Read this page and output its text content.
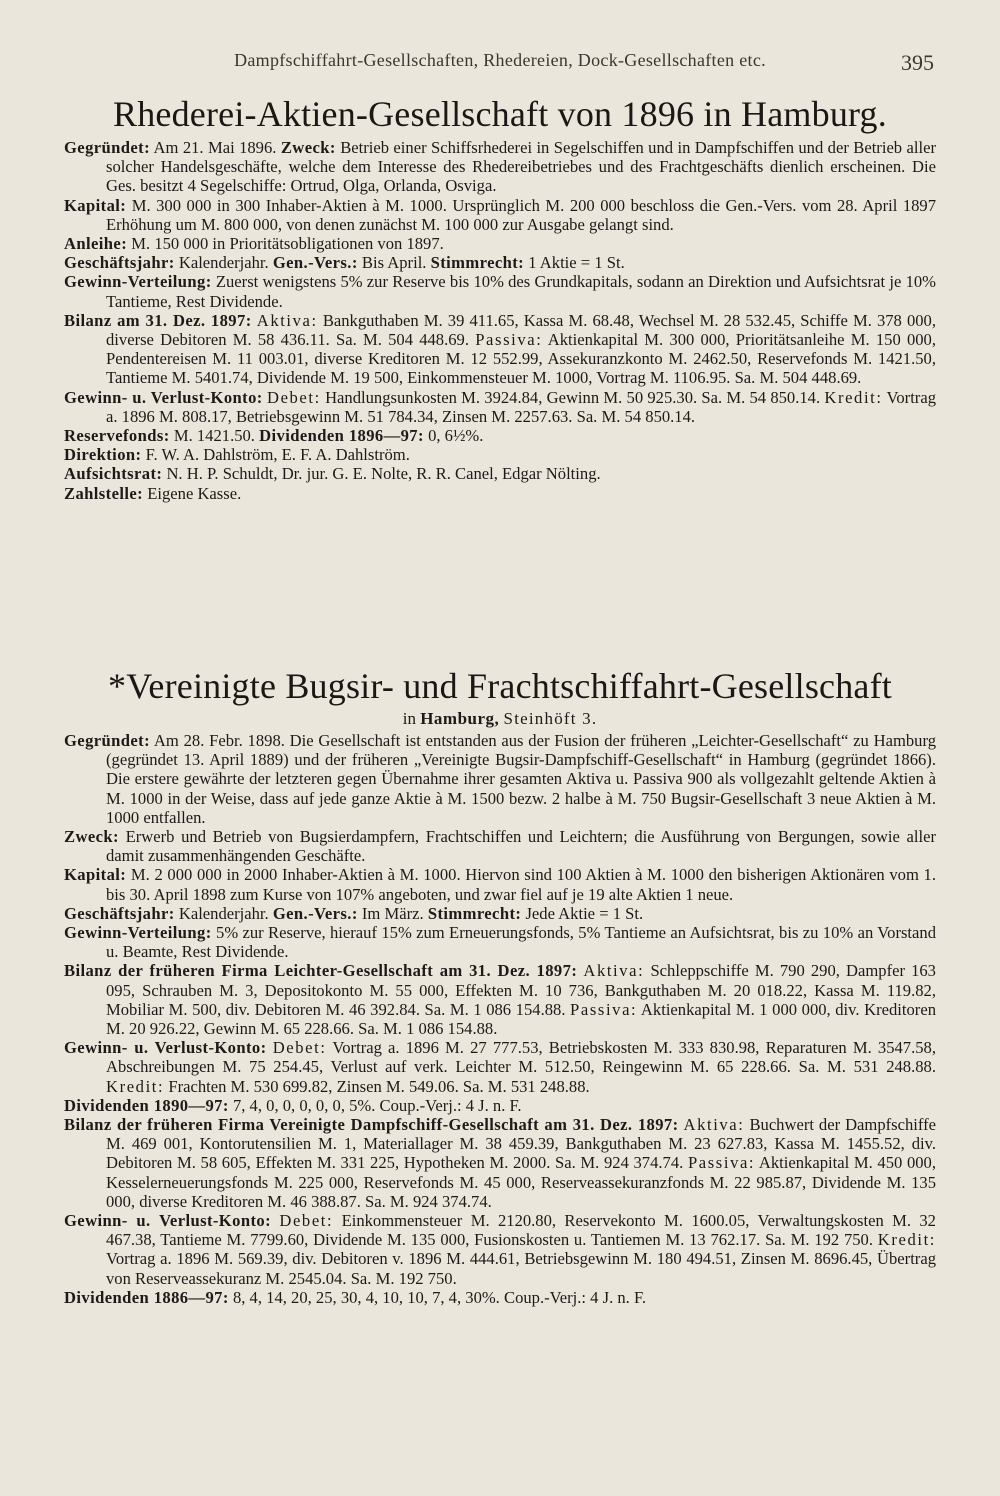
Dampfschiffahrt-Gesellschaften, Rhedereien, Dock-Gesellschaften etc.	395
Rhederei-Aktien-Gesellschaft von 1896 in Hamburg.

Gegründet: Am 21. Mai 1896. Zweck: Betrieb einer Schiffsrhederei in Segelschiffen und in Dampfschiffen und der Betrieb aller solcher Handelsgeschäfte, welche dem Interesse des Rhedereibetriebes und des Frachtgeschäfts dienlich erscheinen. Die Ges. besitzt 4 Segelschiffe: Ortrud, Olga, Orlanda, Osviga.

Kapital: M. 300 000 in 300 Inhaber-Aktien à M. 1000. Ursprünglich M. 200 000 beschloss die Gen.-Vers. vom 28. April 1897 Erhöhung um M. 800 000, von denen zunächst M. 100 000 zur Ausgabe gelangt sind.

Anleihe: M. 150 000 in Prioritätsobligationen von 1897.

Geschäftsjahr: Kalenderjahr. Gen.-Vers.: Bis April. Stimmrecht: 1 Aktie = 1 St.

Gewinn-Verteilung: Zuerst wenigstens 5% zur Reserve bis 10% des Grundkapitals, sodann an Direktion und Aufsichtsrat je 10% Tantieme, Rest Dividende.

Bilanz am 31. Dez. 1897: Aktiva: Bankguthaben M. 39 411.65, Kassa M. 68.48, Wechsel M. 28 532.45, Schiffe M. 378 000, diverse Debitoren M. 58 436.11. Sa. M. 504 448.69. Passiva: Aktienkapital M. 300 000, Prioritätsanleihe M. 150 000, Pendentereisen M. 11 003.01, diverse Kreditoren M. 12 552.99, Assekuranzkonto M. 2462.50, Reservefonds M. 1421.50, Tantieme M. 5401.74, Dividende M. 19 500, Einkommensteuer M. 1000, Vortrag M. 1106.95. Sa. M. 504 448.69.

Gewinn- u. Verlust-Konto: Debet: Handlungsunkosten M. 3924.84, Gewinn M. 50 925.30. Sa. M. 54 850.14. Kredit: Vortrag a. 1896 M. 808.17, Betriebsgewinn M. 51 784.34, Zinsen M. 2257.63. Sa. M. 54 850.14.

Reservefonds: M. 1421.50. Dividenden 1896—97: 0, 6½%.

Direktion: F. W. A. Dahlström, E. F. A. Dahlström.

Aufsichtsrat: N. H. P. Schuldt, Dr. jur. G. E. Nolte, R. R. Canel, Edgar Nölting.

Zahlstelle: Eigene Kasse.

*Vereinigte Bugsir- und Frachtschiffahrt-Gesellschaft

in Hamburg, Steinhöft 3.

Gegründet: Am 28. Febr. 1898. Die Gesellschaft ist entstanden aus der Fusion der früheren „Leichter-Gesellschaft“ zu Hamburg (gegründet 13. April 1889) und der früheren „Vereinigte Bugsir-Dampfschiff-Gesellschaft“ in Hamburg (gegründet 1866). Die erstere gewährte der letzteren gegen Übernahme ihrer gesamten Aktiva u. Passiva 900 als vollgezahlt geltende Aktien à M. 1000 in der Weise, dass auf jede ganze Aktie à M. 1500 bezw. 2 halbe à M. 750 Bugsir-Gesellschaft 3 neue Aktien à M. 1000 entfallen.

Zweck: Erwerb und Betrieb von Bugsierdampfern, Frachtschiffen und Leichtern; die Ausführung von Bergungen, sowie aller damit zusammenhängenden Geschäfte.

Kapital: M. 2 000 000 in 2000 Inhaber-Aktien à M. 1000. Hiervon sind 100 Aktien à M. 1000 den bisherigen Aktionären vom 1. bis 30. April 1898 zum Kurse von 107% angeboten, und zwar fiel auf je 19 alte Aktien 1 neue.

Geschäftsjahr: Kalenderjahr. Gen.-Vers.: Im März. Stimmrecht: Jede Aktie = 1 St.

Gewinn-Verteilung: 5% zur Reserve, hierauf 15% zum Erneuerungsfonds, 5% Tantieme an Aufsichtsrat, bis zu 10% an Vorstand u. Beamte, Rest Dividende.

Bilanz der früheren Firma Leichter-Gesellschaft am 31. Dez. 1897: Aktiva: Schleppschiffe M. 790 290, Dampfer 163 095, Schrauben M. 3, Depositokonto M. 55 000, Effekten M. 10 736, Bankguthaben M. 20 018.22, Kassa M. 119.82, Mobiliar M. 500, div. Debitoren M. 46 392.84. Sa. M. 1 086 154.88. Passiva: Aktienkapital M. 1 000 000, div. Kreditoren M. 20 926.22, Gewinn M. 65 228.66. Sa. M. 1 086 154.88.

Gewinn- u. Verlust-Konto: Debet: Vortrag a. 1896 M. 27 777.53, Betriebskosten M. 333 830.98, Reparaturen M. 3547.58, Abschreibungen M. 75 254.45, Verlust auf verk. Leichter M. 512.50, Reingewinn M. 65 228.66. Sa. M. 531 248.88. Kredit: Frachten M. 530 699.82, Zinsen M. 549.06. Sa. M. 531 248.88.

Dividenden 1890—97: 7, 4, 0, 0, 0, 0, 0, 5%. Coup.-Verj.: 4 J. n. F.

Bilanz der früheren Firma Vereinigte Dampfschiff-Gesellschaft am 31. Dez. 1897: Aktiva: Buchwert der Dampfschiffe M. 469 001, Kontorutensilien M. 1, Materiallager M. 38 459.39, Bankguthaben M. 23 627.83, Kassa M. 1455.52, div. Debitoren M. 58 605, Effekten M. 331 225, Hypotheken M. 2000. Sa. M. 924 374.74. Passiva: Aktienkapital M. 450 000, Kesselerneuerungsfonds M. 225 000, Reservefonds M. 45 000, Reserveassekuranzfonds M. 22 985.87, Dividende M. 135 000, diverse Kreditoren M. 46 388.87. Sa. M. 924 374.74.

Gewinn- u. Verlust-Konto: Debet: Einkommensteuer M. 2120.80, Reservekonto M. 1600.05, Verwaltungskosten M. 32 467.38, Tantieme M. 7799.60, Dividende M. 135 000, Fusionskosten u. Tantiemen M. 13 762.17. Sa. M. 192 750. Kredit: Vortrag a. 1896 M. 569.39, div. Debitoren v. 1896 M. 444.61, Betriebsgewinn M. 180 494.51, Zinsen M. 8696.45, Übertrag von Reserveassekuranz M. 2545.04. Sa. M. 192 750.

Dividenden 1886—97: 8, 4, 14, 20, 25, 30, 4, 10, 10, 7, 4, 30%. Coup.-Verj.: 4 J. n. F.
